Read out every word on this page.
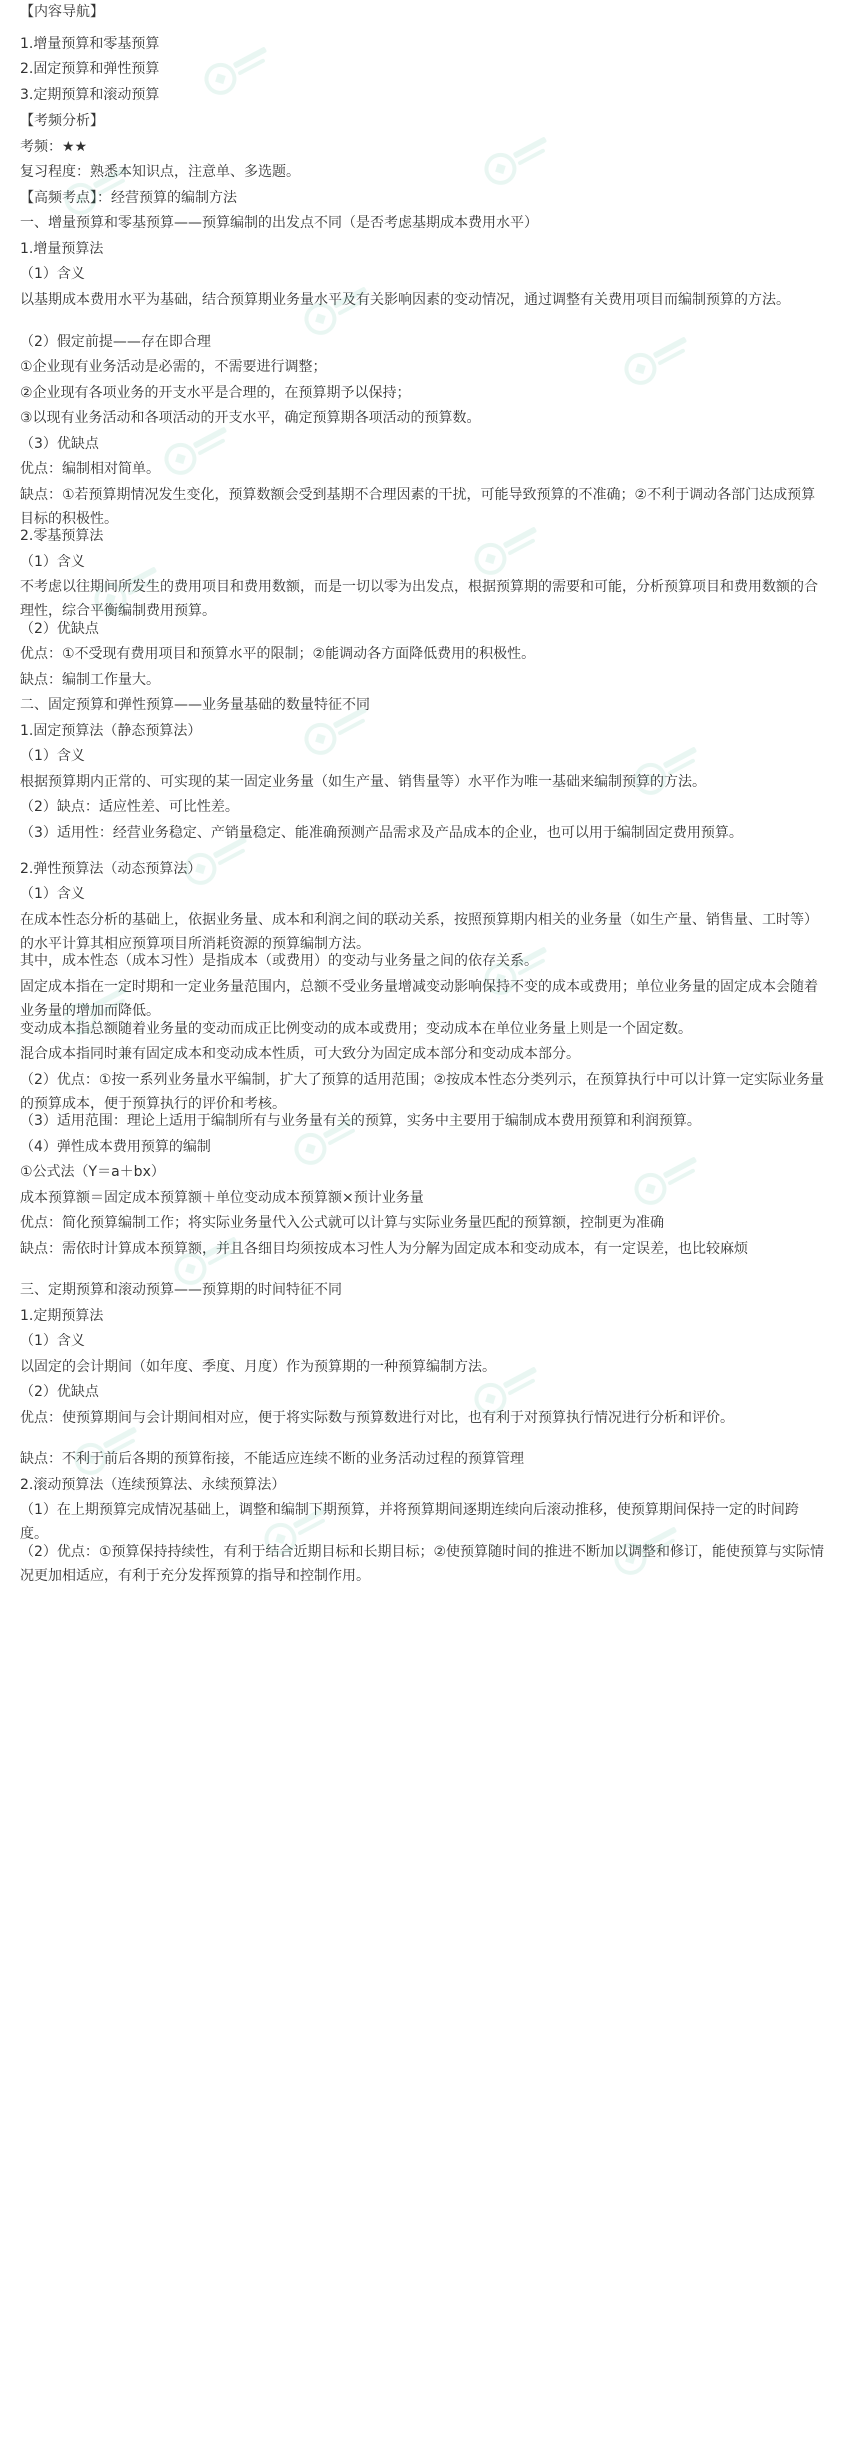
【内容导航】
1.增量预算和零基预算
2.固定预算和弹性预算
3.定期预算和滚动预算
【考频分析】
考频：★★
复习程度：熟悉本知识点，注意单、多选题。
【高频考点】：经营预算的编制方法
一、增量预算和零基预算——预算编制的出发点不同（是否考虑基期成本费用水平）
1.增量预算法
（1）含义
以基期成本费用水平为基础，结合预算期业务量水平及有关影响因素的变动情况，通过调整有关费用项目而编制预算的方法。
（2）假定前提——存在即合理
①企业现有业务活动是必需的，不需要进行调整；
②企业现有各项业务的开支水平是合理的，在预算期予以保持；
③以现有业务活动和各项活动的开支水平，确定预算期各项活动的预算数。
（3）优缺点
优点：编制相对简单。
缺点：①若预算期情况发生变化，预算数额会受到基期不合理因素的干扰，可能导致预算的不准确；②不利于调动各部门达成预算目标的积极性。
2.零基预算法
（1）含义
不考虑以往期间所发生的费用项目和费用数额，而是一切以零为出发点，根据预算期的需要和可能，分析预算项目和费用数额的合理性，综合平衡编制费用预算。
（2）优缺点
优点：①不受现有费用项目和预算水平的限制；②能调动各方面降低费用的积极性。
缺点：编制工作量大。
二、固定预算和弹性预算——业务量基础的数量特征不同
1.固定预算法（静态预算法）
（1）含义
根据预算期内正常的、可实现的某一固定业务量（如生产量、销售量等）水平作为唯一基础来编制预算的方法。
（2）缺点：适应性差、可比性差。
（3）适用性：经营业务稳定、产销量稳定、能准确预测产品需求及产品成本的企业，也可以用于编制固定费用预算。
2.弹性预算法（动态预算法）
（1）含义
在成本性态分析的基础上，依据业务量、成本和利润之间的联动关系，按照预算期内相关的业务量（如生产量、销售量、工时等）的水平计算其相应预算项目所消耗资源的预算编制方法。
其中，成本性态（成本习性）是指成本（或费用）的变动与业务量之间的依存关系。
固定成本指在一定时期和一定业务量范围内，总额不受业务量增减变动影响保持不变的成本或费用；单位业务量的固定成本会随着业务量的增加而降低。
变动成本指总额随着业务量的变动而成正比例变动的成本或费用；变动成本在单位业务量上则是一个固定数。
混合成本指同时兼有固定成本和变动成本性质，可大致分为固定成本部分和变动成本部分。
（2）优点：①按一系列业务量水平编制，扩大了预算的适用范围；②按成本性态分类列示，在预算执行中可以计算一定实际业务量的预算成本，便于预算执行的评价和考核。
（3）适用范围：理论上适用于编制所有与业务量有关的预算，实务中主要用于编制成本费用预算和利润预算。
（4）弹性成本费用预算的编制
①公式法（Y＝a＋bx）
成本预算额＝固定成本预算额＋单位变动成本预算额×预计业务量
优点：简化预算编制工作；将实际业务量代入公式就可以计算与实际业务量匹配的预算额，控制更为准确
缺点：需依时计算成本预算额，并且各细目均须按成本习性人为分解为固定成本和变动成本，有一定误差，也比较麻烦
三、定期预算和滚动预算——预算期的时间特征不同
1.定期预算法
（1）含义
以固定的会计期间（如年度、季度、月度）作为预算期的一种预算编制方法。
（2）优缺点
优点：使预算期间与会计期间相对应，便于将实际数与预算数进行对比，也有利于对预算执行情况进行分析和评价。
缺点：不利于前后各期的预算衔接，不能适应连续不断的业务活动过程的预算管理
2.滚动预算法（连续预算法、永续预算法）
（1）在上期预算完成情况基础上，调整和编制下期预算，并将预算期间逐期连续向后滚动推移，使预算期间保持一定的时间跨度。
（2）优点：①预算保持持续性，有利于结合近期目标和长期目标；②使预算随时间的推进不断加以调整和修订，能使预算与实际情况更加相适应，有利于充分发挥预算的指导和控制作用。
